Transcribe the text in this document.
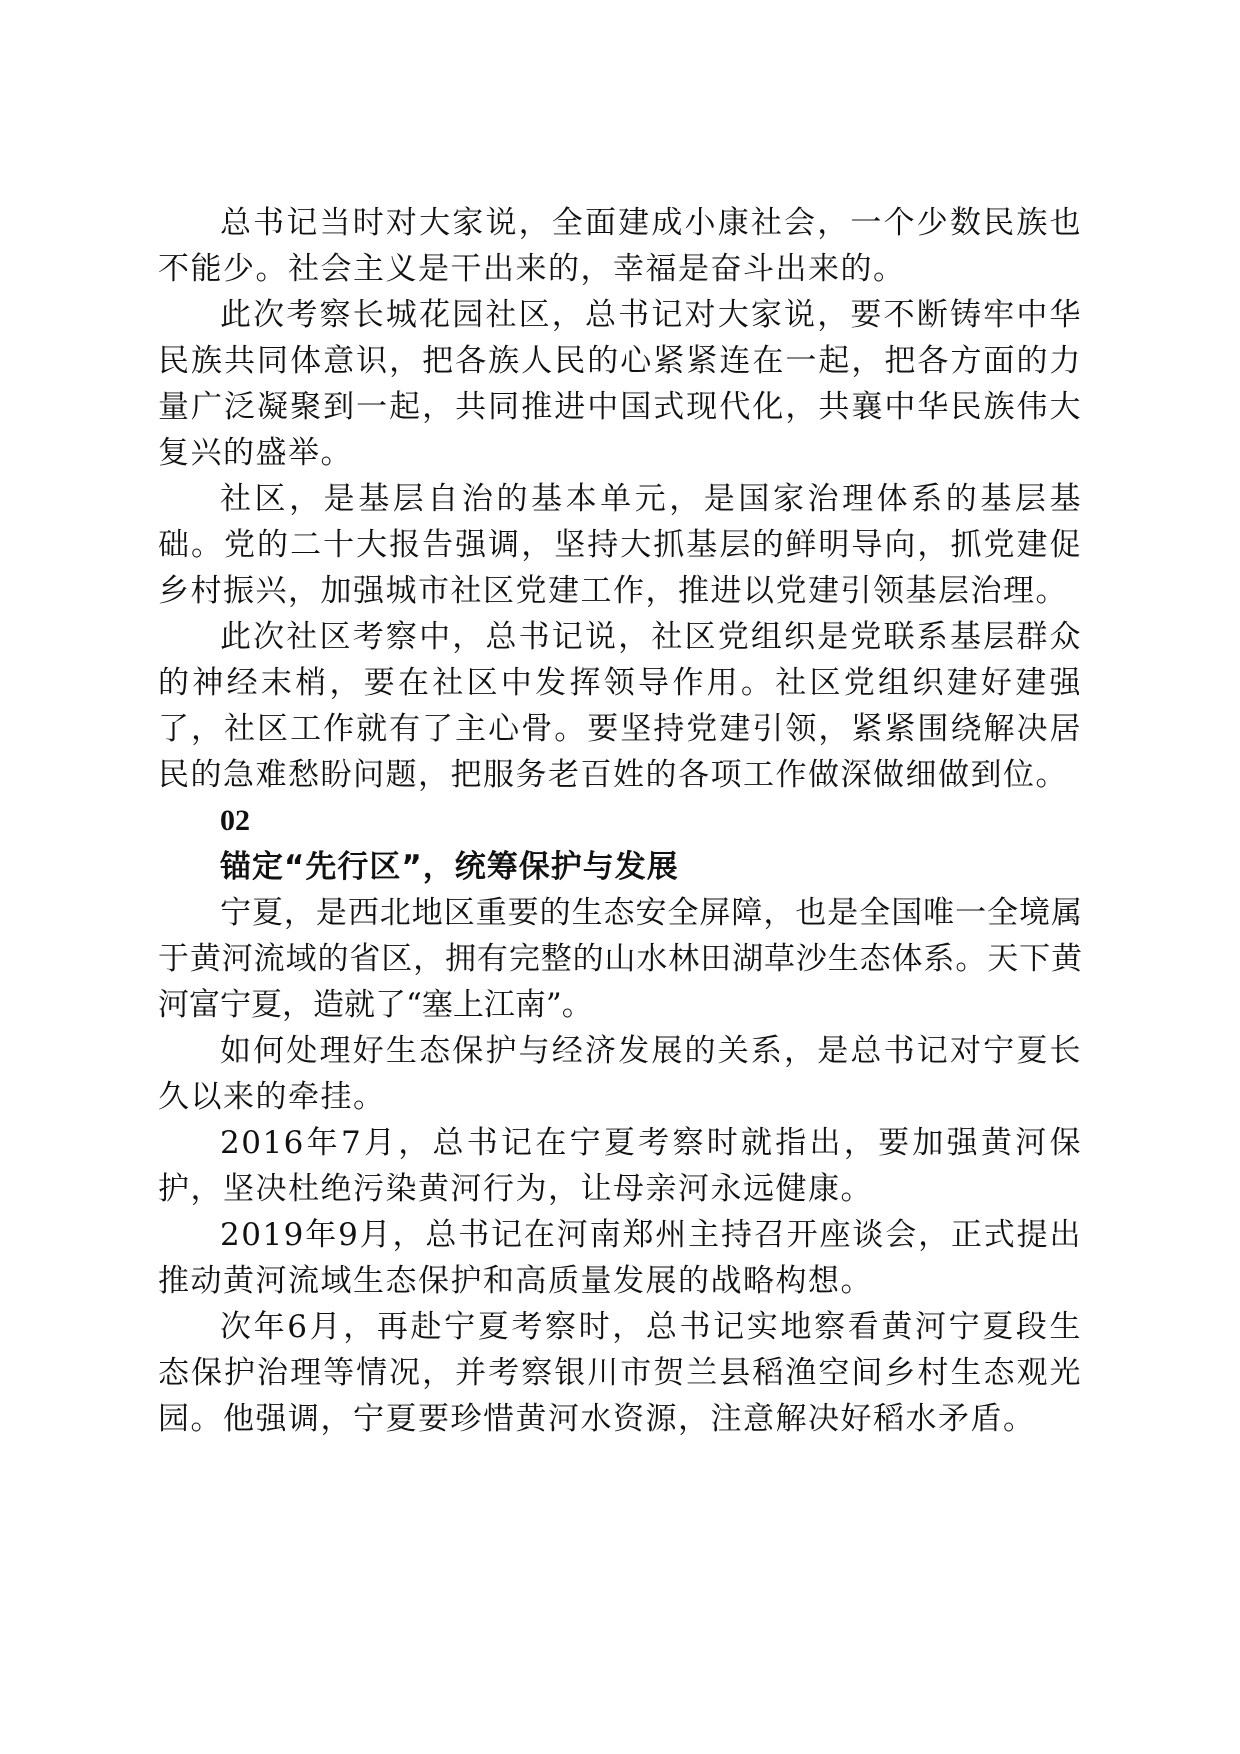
总书记当时对大家说，全面建成小康社会，一个少数民族也不能少。社会主义是干出来的，幸福是奋斗出来的。

此次考察长城花园社区，总书记对大家说，要不断铸牢中华民族共同体意识，把各族人民的心紧紧连在一起，把各方面的力量广泛凝聚到一起，共同推进中国式现代化，共襄中华民族伟大复兴的盛举。

社区，是基层自治的基本单元，是国家治理体系的基层基础。党的二十大报告强调，坚持大抓基层的鲜明导向，抓党建促乡村振兴，加强城市社区党建工作，推进以党建引领基层治理。

此次社区考察中，总书记说，社区党组织是党联系基层群众的神经末梢，要在社区中发挥领导作用。社区党组织建好建强了，社区工作就有了主心骨。要坚持党建引领，紧紧围绕解决居民的急难愁盼问题，把服务老百姓的各项工作做深做细做到位。

02

锚定“先行区”，统筹保护与发展

宁夏，是西北地区重要的生态安全屏障，也是全国唯一全境属于黄河流域的省区，拥有完整的山水林田湖草沙生态体系。天下黄河富宁夏，造就了“塞上江南”。

如何处理好生态保护与经济发展的关系，是总书记对宁夏长久以来的牵挂。

2016年7月，总书记在宁夏考察时就指出，要加强黄河保护，坚决杜绝污染黄河行为，让母亲河永远健康。

2019年9月，总书记在河南郑州主持召开座谈会，正式提出推动黄河流域生态保护和高质量发展的战略构想。

次年6月，再赴宁夏考察时，总书记实地察看黄河宁夏段生态保护治理等情况，并考察银川市贺兰县稻渔空间乡村生态观光园。他强调，宁夏要珍惜黄河水资源，注意解决好稻水矛盾。
